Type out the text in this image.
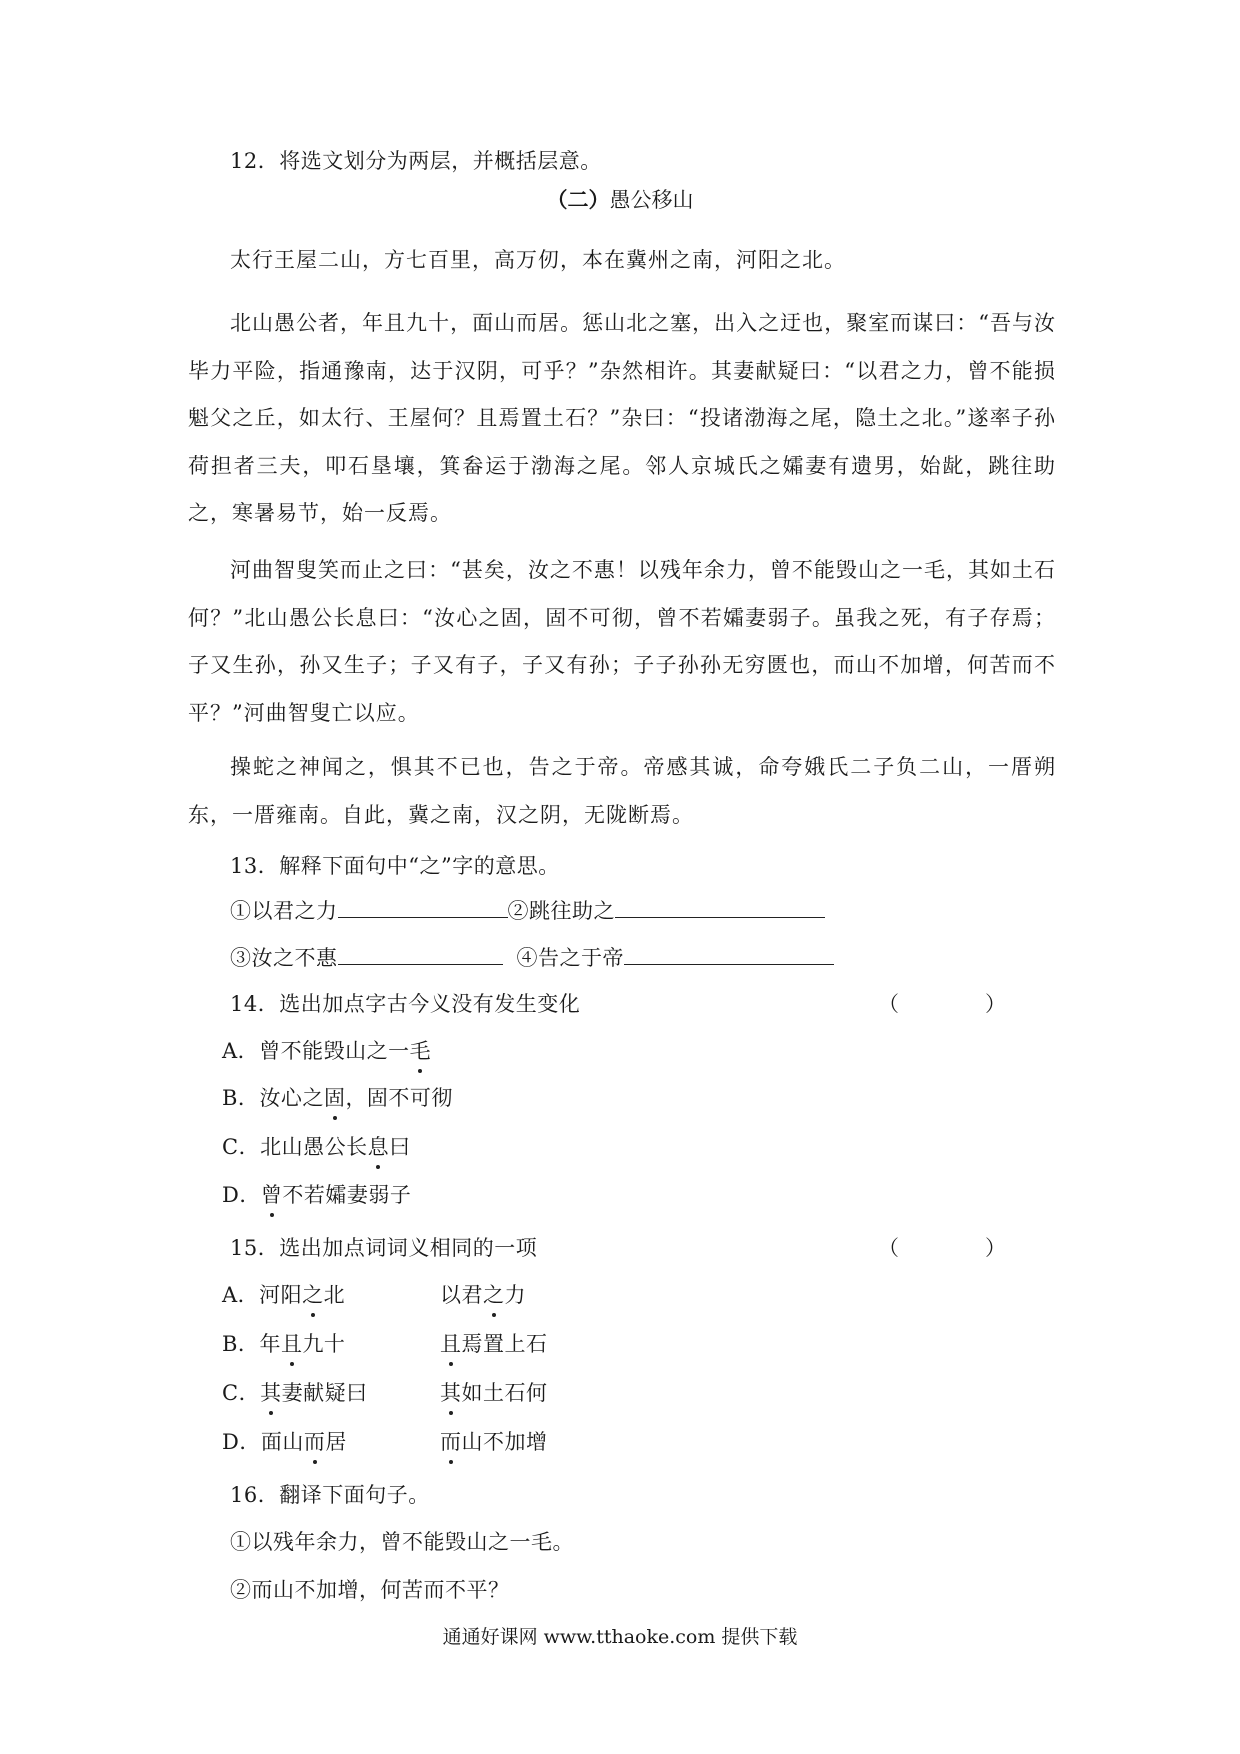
12．将选文划分为两层，并概括层意。
（二）愚公移山
太行王屋二山，方七百里，高万仞，本在冀州之南，河阳之北。
北山愚公者，年且九十，面山而居。惩山北之塞，出入之迂也，聚室而谋曰：“吾与汝毕力平险，指通豫南，达于汉阴，可乎？”杂然相许。其妻献疑曰：“以君之力，曾不能损魁父之丘，如太行、王屋何？且焉置土石？”杂曰：“投诸渤海之尾，隐土之北。”遂率子孙荷担者三夫，叩石垦壤，箕畚运于渤海之尾。邻人京城氏之孀妻有遗男，始龀，跳往助之，寒暑易节，始一反焉。
河曲智叟笑而止之曰：“甚矣，汝之不惠！以残年余力，曾不能毁山之一毛，其如土石何？”北山愚公长息曰：“汝心之固，固不可彻，曾不若孀妻弱子。虽我之死，有子存焉；子又生孙，孙又生子；子又有子，子又有孙；子子孙孙无穷匮也，而山不加增，何苦而不平？”河曲智叟亡以应。
操蛇之神闻之，惧其不已也，告之于帝。帝感其诚，命夸娥氏二子负二山，一厝朔东，一厝雍南。自此，冀之南，汉之阴，无陇断焉。
13．解释下面句中“之”字的意思。
①以君之力	②跳往助之
③汝之不惠	④告之于帝
14．选出加点字古今义没有发生变化	（	）
A．曾不能毁山之一毛
B．汝心之固，固不可彻
C．北山愚公长息曰
D．曾不若孀妻弱子
15．选出加点词词义相同的一项	（	）
A．河阳之北	以君之力
B．年且九十	且焉置上石
C．其妻献疑曰	其如土石何
D．面山而居	而山不加增
16．翻译下面句子。
①以残年余力，曾不能毁山之一毛。
②而山不加增，何苦而不平？
通通好课网 www.tthaoke.com 提供下载
